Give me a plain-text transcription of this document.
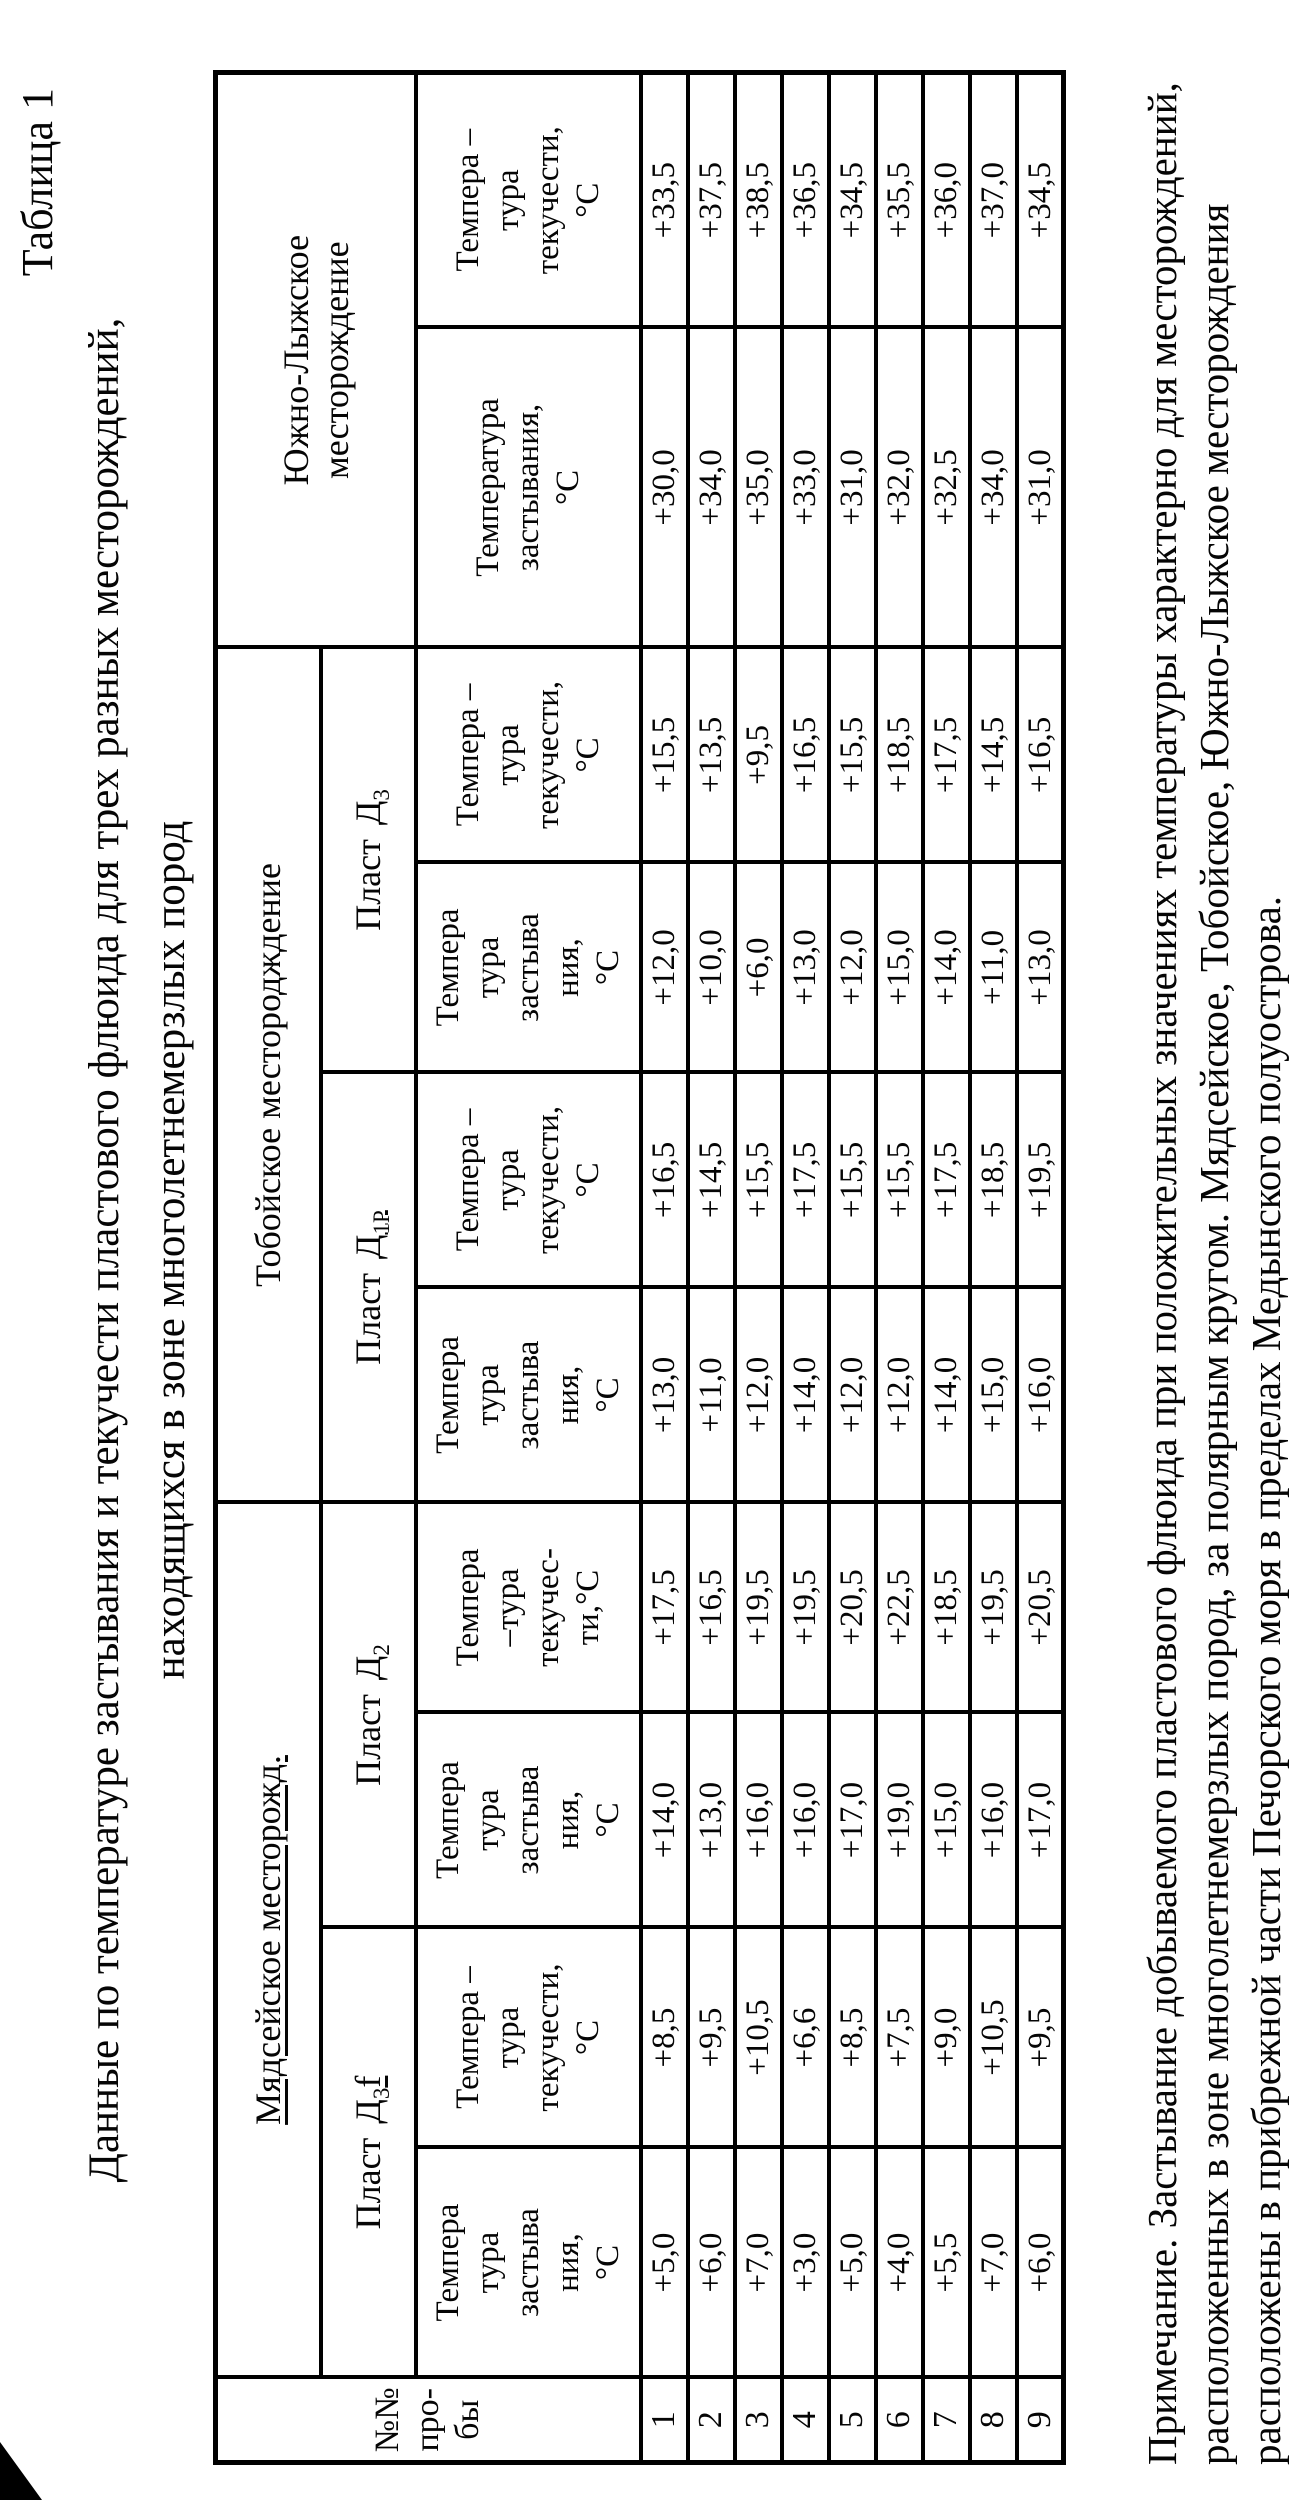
Таблица 1
Данные по температуре застывания и текучести пластового флюида для трех разных месторождений, находящихся в зоне многолетнемерзлых пород
№№
про-
бы	Мядсейское месторожд.				Тобойское местородждение				Южно-Лыжское
месторождение	
	ПластД$_3$f		ПластД$_2$		ПластД$_{1Р}$		ПластД$_3$
	Темпера тура застыва ния, °С	Темпера – тура текучести, °С	Темпера тура застыва ния, °С	Темпера –тура текучес- ти,°С	Темпера тура застыва ния, °С	Темпера – тура текучести, °С	Темпера тура застыва ния, °С	Темпера – тура текучести, °С	Температура застывания, °С	Темпера – тура текучести, °С
1	+5,0	+8,5	+14,0	+17,5	+13,0	+16,5	+12,0	+15,5	+30,0	+33,5
2	+6,0	+9,5	+13,0	+16,5	+11,0	+14,5	+10,0	+13,5	+34,0	+37,5
3	+7,0	+10,5	+16,0	+19,5	+12,0	+15,5	+6,0	+9,5	+35,0	+38,5
4	+3,0	+6,6	+16,0	+19,5	+14,0	+17,5	+13,0	+16,5	+33,0	+36,5
5	+5,0	+8,5	+17,0	+20,5	+12,0	+15,5	+12,0	+15,5	+31,0	+34,5
6	+4,0	+7,5	+19,0	+22,5	+12,0	+15,5	+15,0	+18,5	+32,0	+35,5
7	+5,5	+9,0	+15,0	+18,5	+14,0	+17,5	+14,0	+17,5	+32,5	+36,0
8	+7,0	+10,5	+16,0	+19,5	+15,0	+18,5	+11,0	+14,5	+34,0	+37,0
9	+6,0	+9,5	+17,0	+20,5	+16,0	+19,5	+13,0	+16,5	+31,0	+34,5 Примечание. Застывание добываемого пластового флюида при положительных значениях температуры характерно для месторождений, расположенных в зоне многолетнемерзлых пород, за полярным кругом. Мядсейское, Тобойское, Южно-Лыжское месторождения расположены в прибрежной части Печорского моря в пределах Медынского полуострова.
